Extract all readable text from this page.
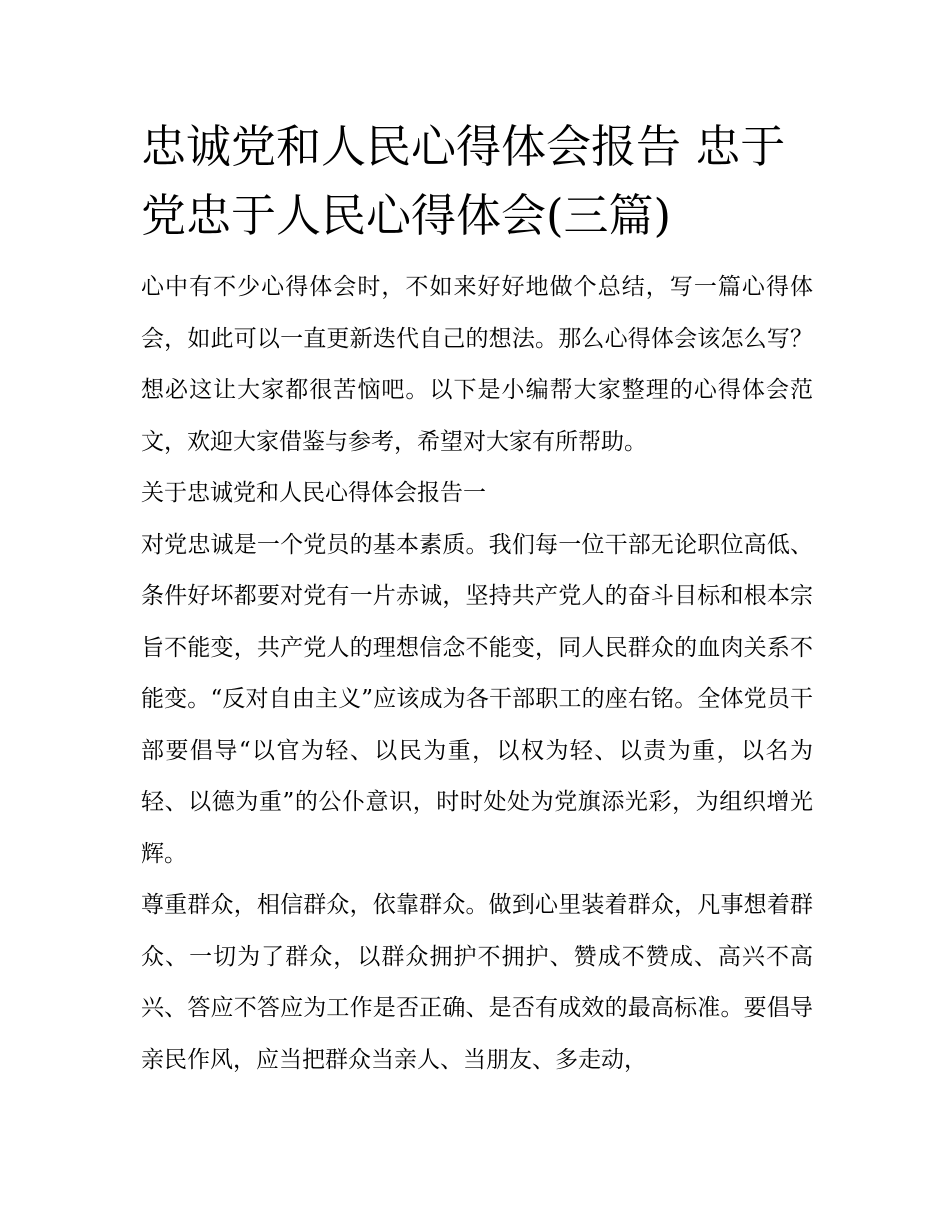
忠诚党和人民心得体会报告 忠于党忠于人民心得体会(三篇)

心中有不少心得体会时，不如来好好地做个总结，写一篇心得体会，如此可以一直更新迭代自己的想法。那么心得体会该怎么写？想必这让大家都很苦恼吧。以下是小编帮大家整理的心得体会范文，欢迎大家借鉴与参考，希望对大家有所帮助。

关于忠诚党和人民心得体会报告一

对党忠诚是一个党员的基本素质。我们每一位干部无论职位高低、条件好坏都要对党有一片赤诚，坚持共产党人的奋斗目标和根本宗旨不能变，共产党人的理想信念不能变，同人民群众的血肉关系不能变。“反对自由主义”应该成为各干部职工的座右铭。全体党员干部要倡导“以官为轻、以民为重，以权为轻、以责为重，以名为轻、以德为重”的公仆意识，时时处处为党旗添光彩，为组织增光辉。

尊重群众，相信群众，依靠群众。做到心里装着群众，凡事想着群众、一切为了群众，以群众拥护不拥护、赞成不赞成、高兴不高兴、答应不答应为工作是否正确、是否有成效的最高标准。要倡导亲民作风，应当把群众当亲人、当朋友、多走动，
